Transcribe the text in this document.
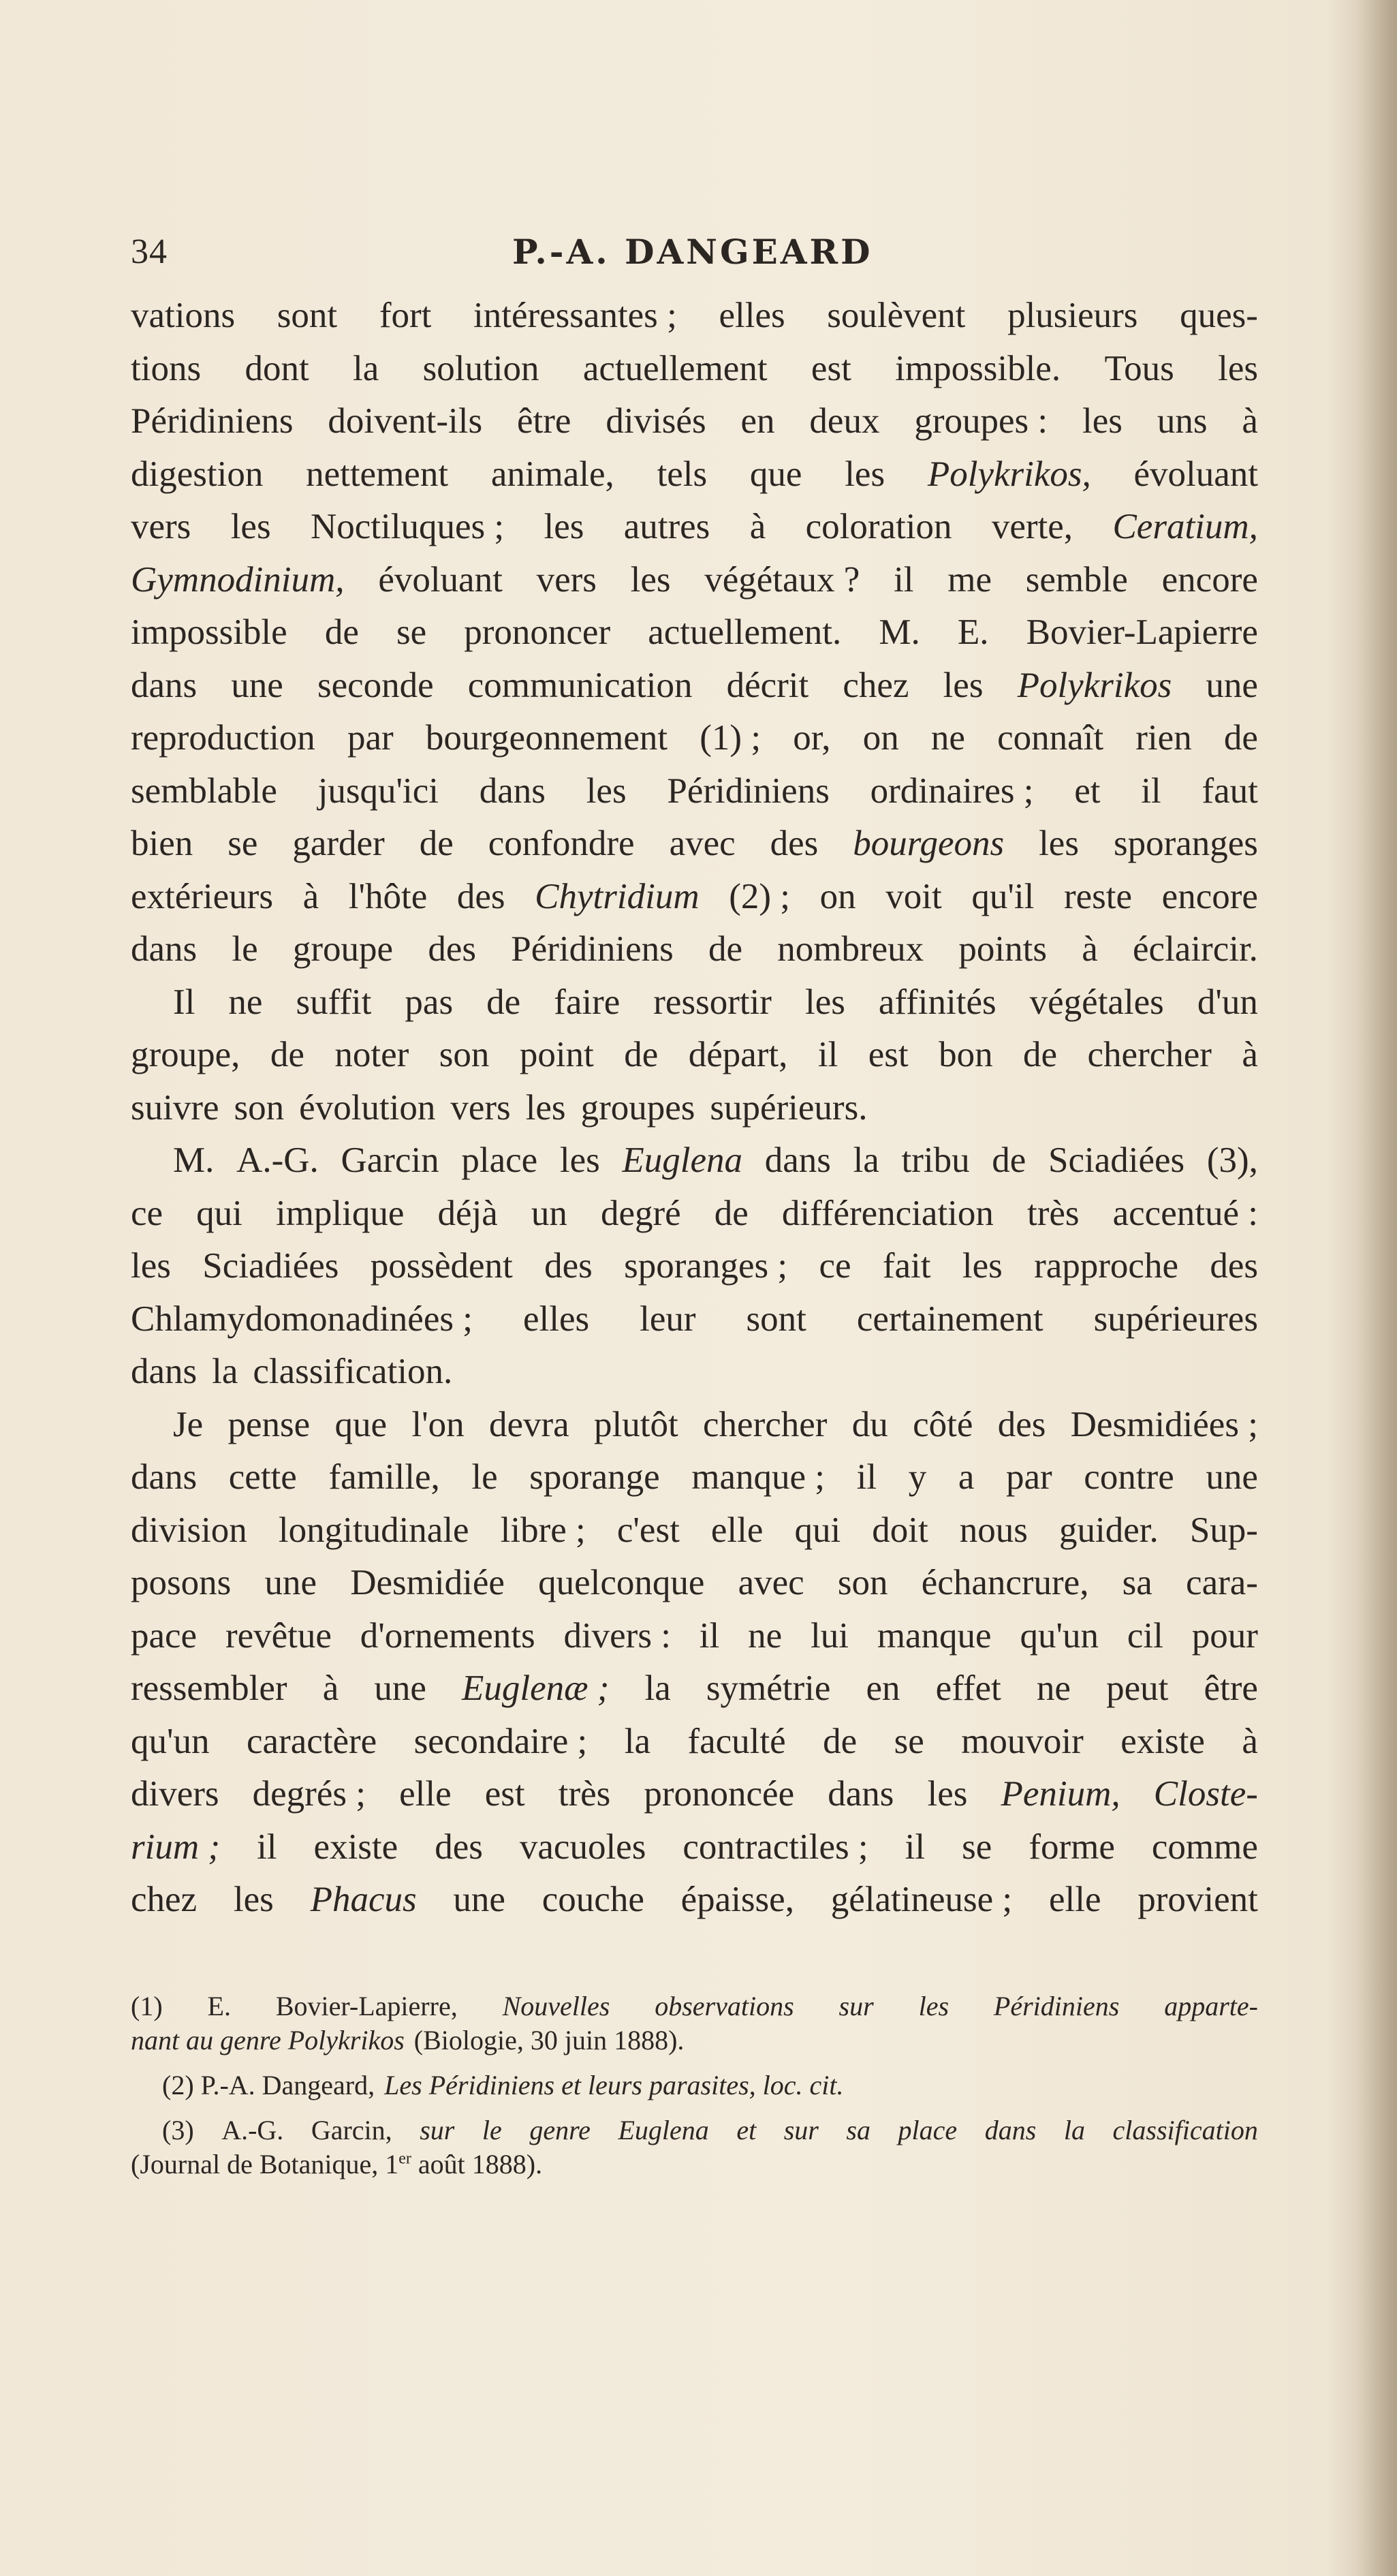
34	P.-A. DANGEARD
vations sont fort intéressantes ; elles soulèvent plusieurs ques-
tions dont la solution actuellement est impossible. Tous les
Péridiniens doivent-ils être divisés en deux groupes : les uns à
digestion nettement animale, tels que les Polykrikos, évoluant
vers les Noctiluques ; les autres à coloration verte, Ceratium,
Gymnodinium, évoluant vers les végétaux ? il me semble encore
impossible de se prononcer actuellement. M. E. Bovier-Lapierre
dans une seconde communication décrit chez les Polykrikos une
reproduction par bourgeonnement (1) ; or, on ne connaît rien de
semblable jusqu'ici dans les Péridiniens ordinaires ; et il faut
bien se garder de confondre avec des bourgeons les sporanges
extérieurs à l'hôte des Chytridium (2) ; on voit qu'il reste encore
dans le groupe des Péridiniens de nombreux points à éclaircir.
Il ne suffit pas de faire ressortir les affinités végétales d'un
groupe, de noter son point de départ, il est bon de chercher à
suivre son évolution vers les groupes supérieurs.
M. A.-G. Garcin place les Euglena dans la tribu de Sciadiées (3),
ce qui implique déjà un degré de différenciation très accentué :
les Sciadiées possèdent des sporanges ; ce fait les rapproche des
Chlamydomonadinées ; elles leur sont certainement supérieures
dans la classification.
Je pense que l'on devra plutôt chercher du côté des Desmidiées ;
dans cette famille, le sporange manque ; il y a par contre une
division longitudinale libre ; c'est elle qui doit nous guider. Sup-
posons une Desmidiée quelconque avec son échancrure, sa cara-
pace revêtue d'ornements divers : il ne lui manque qu'un cil pour
ressembler à une Euglenæ ; la symétrie en effet ne peut être
qu'un caractère secondaire ; la faculté de se mouvoir existe à
divers degrés ; elle est très prononcée dans les Penium, Closte-
rium ; il existe des vacuoles contractiles ; il se forme comme
chez les Phacus une couche épaisse, gélatineuse ; elle provient
(1) E. Bovier-Lapierre, Nouvelles observations sur les Péridiniens apparte-
nant au genre Polykrikos (Biologie, 30 juin 1888).
(2) P.-A. Dangeard, Les Péridiniens et leurs parasites, loc. cit.
(3) A.-G. Garcin, sur le genre Euglena et sur sa place dans la classification
(Journal de Botanique, 1er août 1888).
